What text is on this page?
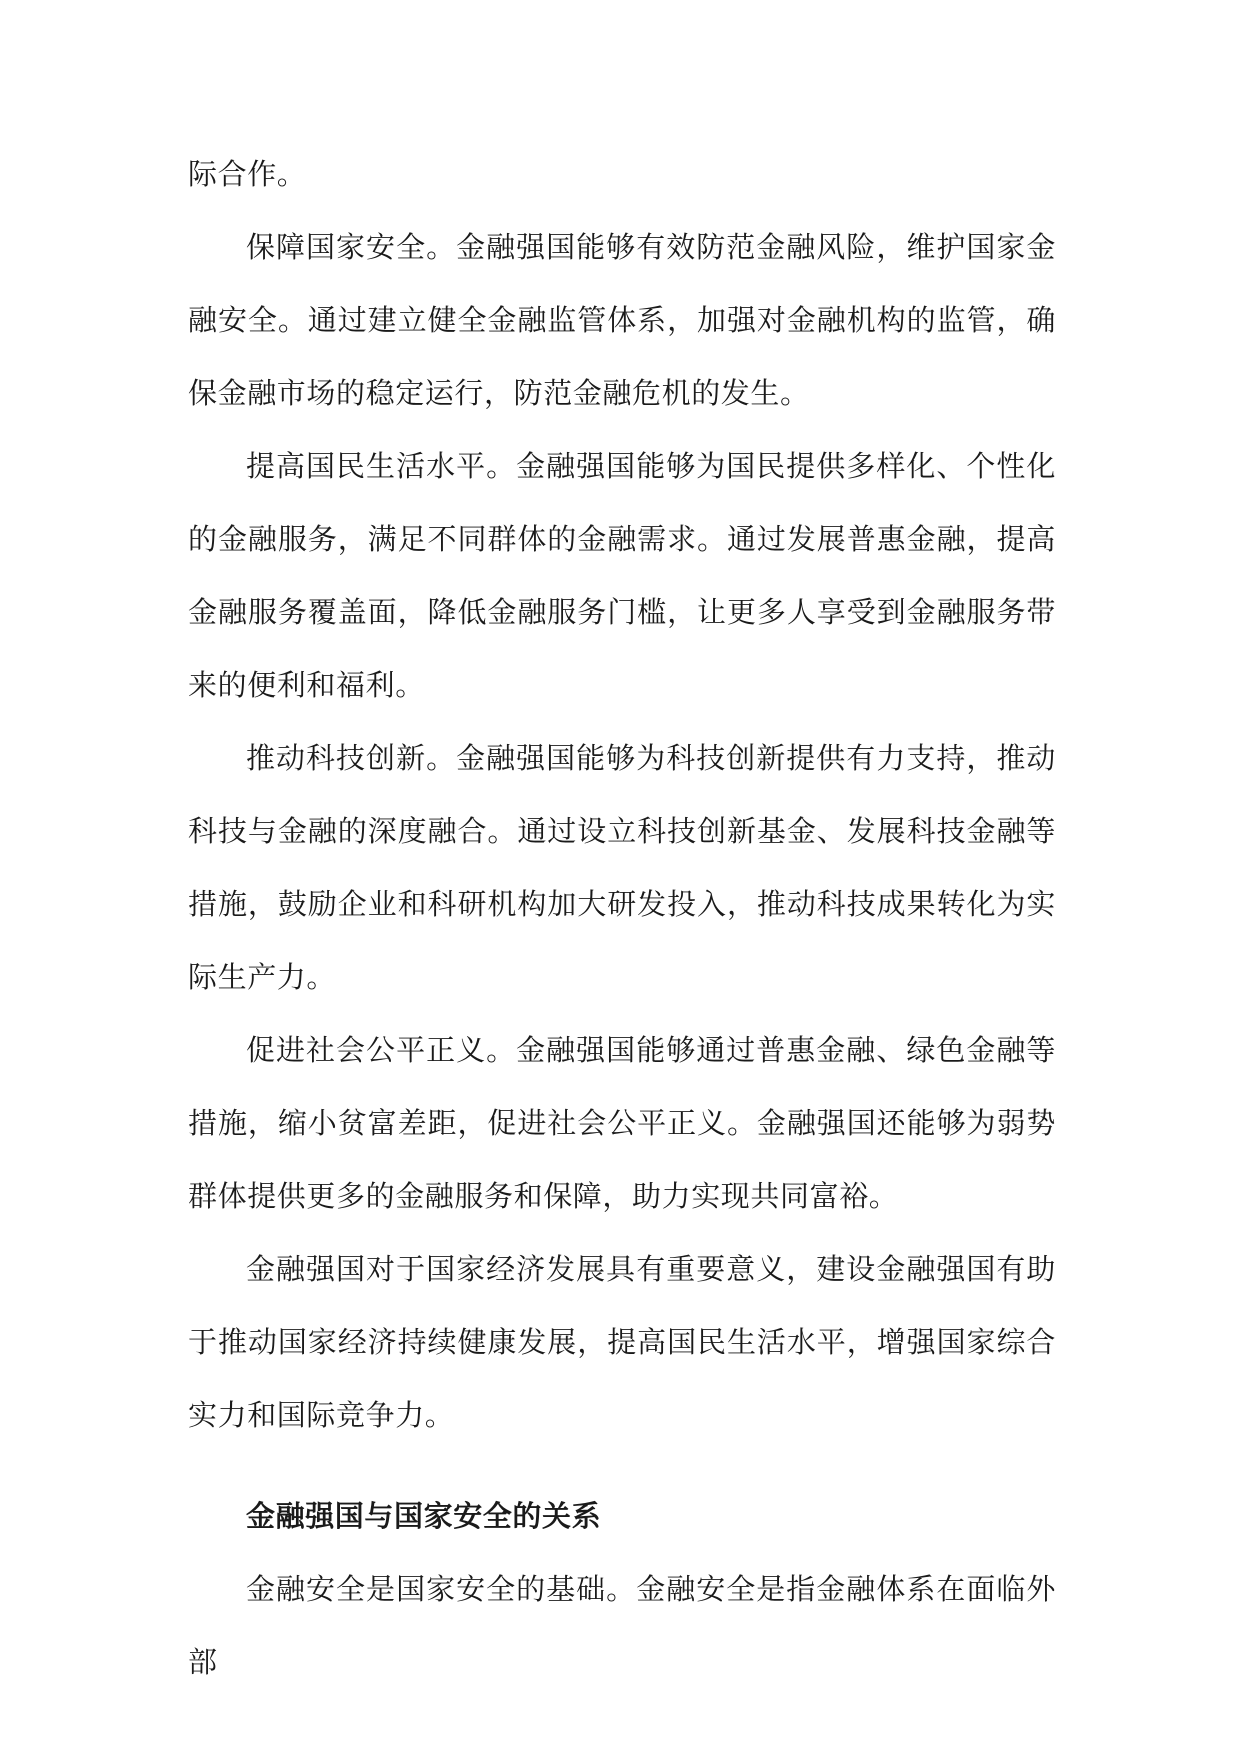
际合作。

保障国家安全。金融强国能够有效防范金融风险，维护国家金融安全。通过建立健全金融监管体系，加强对金融机构的监管，确保金融市场的稳定运行，防范金融危机的发生。

提高国民生活水平。金融强国能够为国民提供多样化、个性化的金融服务，满足不同群体的金融需求。通过发展普惠金融，提高金融服务覆盖面，降低金融服务门槛，让更多人享受到金融服务带来的便利和福利。

推动科技创新。金融强国能够为科技创新提供有力支持，推动科技与金融的深度融合。通过设立科技创新基金、发展科技金融等措施，鼓励企业和科研机构加大研发投入，推动科技成果转化为实际生产力。

促进社会公平正义。金融强国能够通过普惠金融、绿色金融等措施，缩小贫富差距，促进社会公平正义。金融强国还能够为弱势群体提供更多的金融服务和保障，助力实现共同富裕。

金融强国对于国家经济发展具有重要意义，建设金融强国有助于推动国家经济持续健康发展，提高国民生活水平，增强国家综合实力和国际竞争力。

金融强国与国家安全的关系

金融安全是国家安全的基础。金融安全是指金融体系在面临外部
